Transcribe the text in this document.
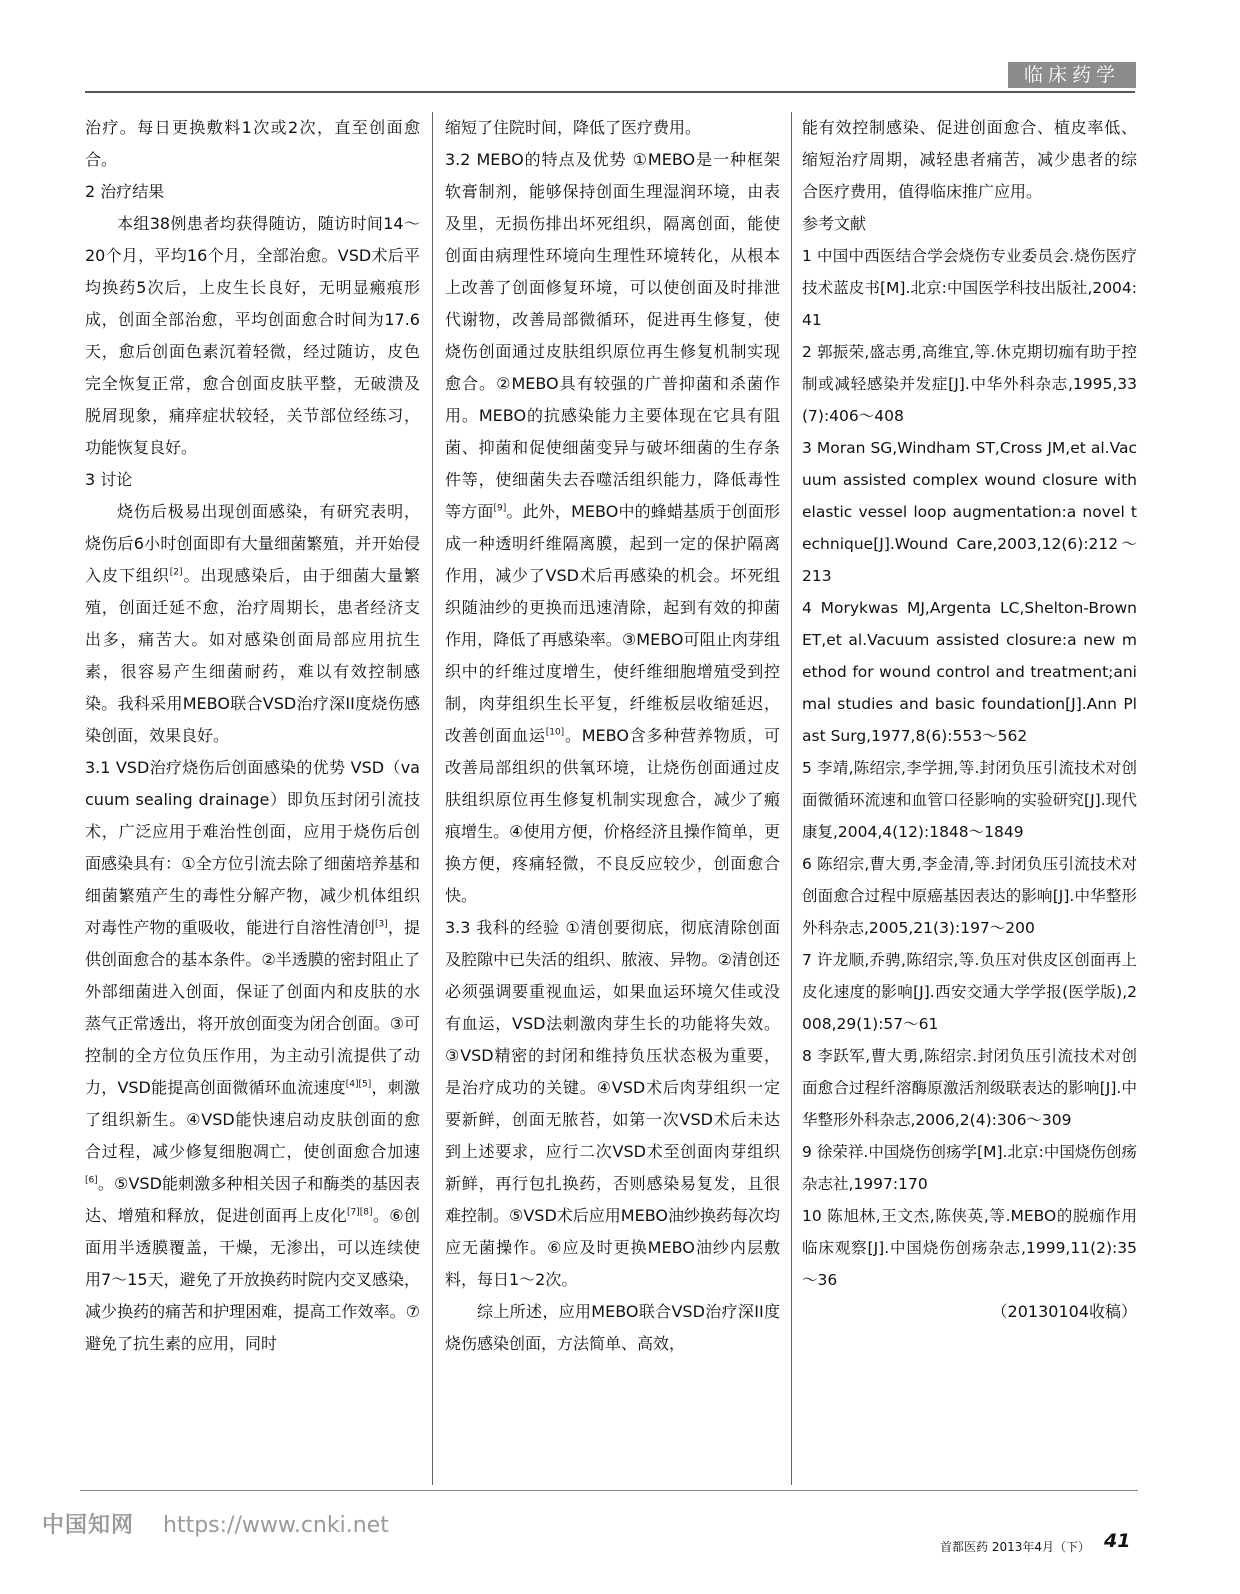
临床药学

治疗。每日更换敷料1次或2次，直至创面愈合。

2 治疗结果

本组38例患者均获得随访，随访时间14～20个月，平均16个月，全部治愈。VSD术后平均换药5次后，上皮生长良好，无明显瘢痕形成，创面全部治愈，平均创面愈合时间为17.6天，愈后创面色素沉着轻微，经过随访，皮色完全恢复正常，愈合创面皮肤平整，无破溃及脱屑现象，痛痒症状较轻，关节部位经练习，功能恢复良好。

3 讨论

烧伤后极易出现创面感染，有研究表明，烧伤后6小时创面即有大量细菌繁殖，并开始侵入皮下组织[2]。出现感染后，由于细菌大量繁殖，创面迁延不愈，治疗周期长，患者经济支出多，痛苦大。如对感染创面局部应用抗生素，很容易产生细菌耐药，难以有效控制感染。我科采用MEBO联合VSD治疗深II度烧伤感染创面，效果良好。

3.1 VSD治疗烧伤后创面感染的优势 VSD（vacuum sealing drainage）即负压封闭引流技术，广泛应用于难治性创面，应用于烧伤后创面感染具有：①全方位引流去除了细菌培养基和细菌繁殖产生的毒性分解产物，减少机体组织对毒性产物的重吸收，能进行自溶性清创[3]，提供创面愈合的基本条件。②半透膜的密封阻止了外部细菌进入创面，保证了创面内和皮肤的水蒸气正常透出，将开放创面变为闭合创面。③可控制的全方位负压作用，为主动引流提供了动力，VSD能提高创面微循环血流速度[4][5]，刺激了组织新生。④VSD能快速启动皮肤创面的愈合过程，减少修复细胞凋亡，使创面愈合加速[6]。⑤VSD能刺激多种相关因子和酶类的基因表达、增殖和释放，促进创面再上皮化[7][8]。⑥创面用半透膜覆盖，干燥，无渗出，可以连续使用7～15天，避免了开放换药时院内交叉感染，减少换药的痛苦和护理困难，提高工作效率。⑦避免了抗生素的应用，同时

缩短了住院时间，降低了医疗费用。

3.2 MEBO的特点及优势 ①MEBO是一种框架软膏制剂，能够保持创面生理湿润环境，由表及里，无损伤排出坏死组织，隔离创面，能使创面由病理性环境向生理性环境转化，从根本上改善了创面修复环境，可以使创面及时排泄代谢物，改善局部微循环，促进再生修复，使烧伤创面通过皮肤组织原位再生修复机制实现愈合。②MEBO具有较强的广普抑菌和杀菌作用。MEBO的抗感染能力主要体现在它具有阻菌、抑菌和促使细菌变异与破坏细菌的生存条件等，使细菌失去吞噬活组织能力，降低毒性等方面[9]。此外，MEBO中的蜂蜡基质于创面形成一种透明纤维隔离膜，起到一定的保护隔离作用，减少了VSD术后再感染的机会。坏死组织随油纱的更换而迅速清除，起到有效的抑菌作用，降低了再感染率。③MEBO可阻止肉芽组织中的纤维过度增生，使纤维细胞增殖受到控制，肉芽组织生长平复，纤维板层收缩延迟，改善创面血运[10]。MEBO含多种营养物质，可改善局部组织的供氧环境，让烧伤创面通过皮肤组织原位再生修复机制实现愈合，减少了瘢痕增生。④使用方便，价格经济且操作简单，更换方便，疼痛轻微，不良反应较少，创面愈合快。

3.3 我科的经验 ①清创要彻底，彻底清除创面及腔隙中已失活的组织、脓液、异物。②清创还必须强调要重视血运，如果血运环境欠佳或没有血运，VSD法刺激肉芽生长的功能将失效。③VSD精密的封闭和维持负压状态极为重要，是治疗成功的关键。④VSD术后肉芽组织一定要新鲜，创面无脓苔，如第一次VSD术后未达到上述要求，应行二次VSD术至创面肉芽组织新鲜，再行包扎换药，否则感染易复发，且很难控制。⑤VSD术后应用MEBO油纱换药每次均应无菌操作。⑥应及时更换MEBO油纱内层敷料，每日1～2次。

综上所述，应用MEBO联合VSD治疗深II度烧伤感染创面，方法简单、高效，

能有效控制感染、促进创面愈合、植皮率低、缩短治疗周期，减轻患者痛苦，减少患者的综合医疗费用，值得临床推广应用。

参考文献

1 中国中西医结合学会烧伤专业委员会.烧伤医疗技术蓝皮书[M].北京:中国医学科技出版社,2004:41

2 郭振荣,盛志勇,高维宜,等.休克期切痂有助于控制或减轻感染并发症[J].中华外科杂志,1995,33(7):406～408

3 Moran SG,Windham ST,Cross JM,et al.Vacuum assisted complex wound closure with elastic vessel loop augmentation:a novel technique[J].Wound Care,2003,12(6):212～213

4 Morykwas MJ,Argenta LC,Shelton-Brown ET,et al.Vacuum assisted closure:a new method for wound control and treatment;animal studies and basic foundation[J].Ann Plast Surg,1977,8(6):553～562

5 李靖,陈绍宗,李学拥,等.封闭负压引流技术对创面微循环流速和血管口径影响的实验研究[J].现代康复,2004,4(12):1848～1849

6 陈绍宗,曹大勇,李金清,等.封闭负压引流技术对创面愈合过程中原癌基因表达的影响[J].中华整形外科杂志,2005,21(3):197～200

7 许龙顺,乔骋,陈绍宗,等.负压对供皮区创面再上皮化速度的影响[J].西安交通大学学报(医学版),2008,29(1):57～61

8 李跃军,曹大勇,陈绍宗.封闭负压引流技术对创面愈合过程纤溶酶原激活剂级联表达的影响[J].中华整形外科杂志,2006,2(4):306～309

9 徐荣祥.中国烧伤创疡学[M].北京:中国烧伤创疡杂志社,1997:170

10 陈旭林,王文杰,陈侠英,等.MEBO的脱痂作用临床观察[J].中国烧伤创疡杂志,1999,11(2):35～36

（20130104收稿）

中国知网 https://www.cnki.net
首都医药 2013年4月（下） 41
